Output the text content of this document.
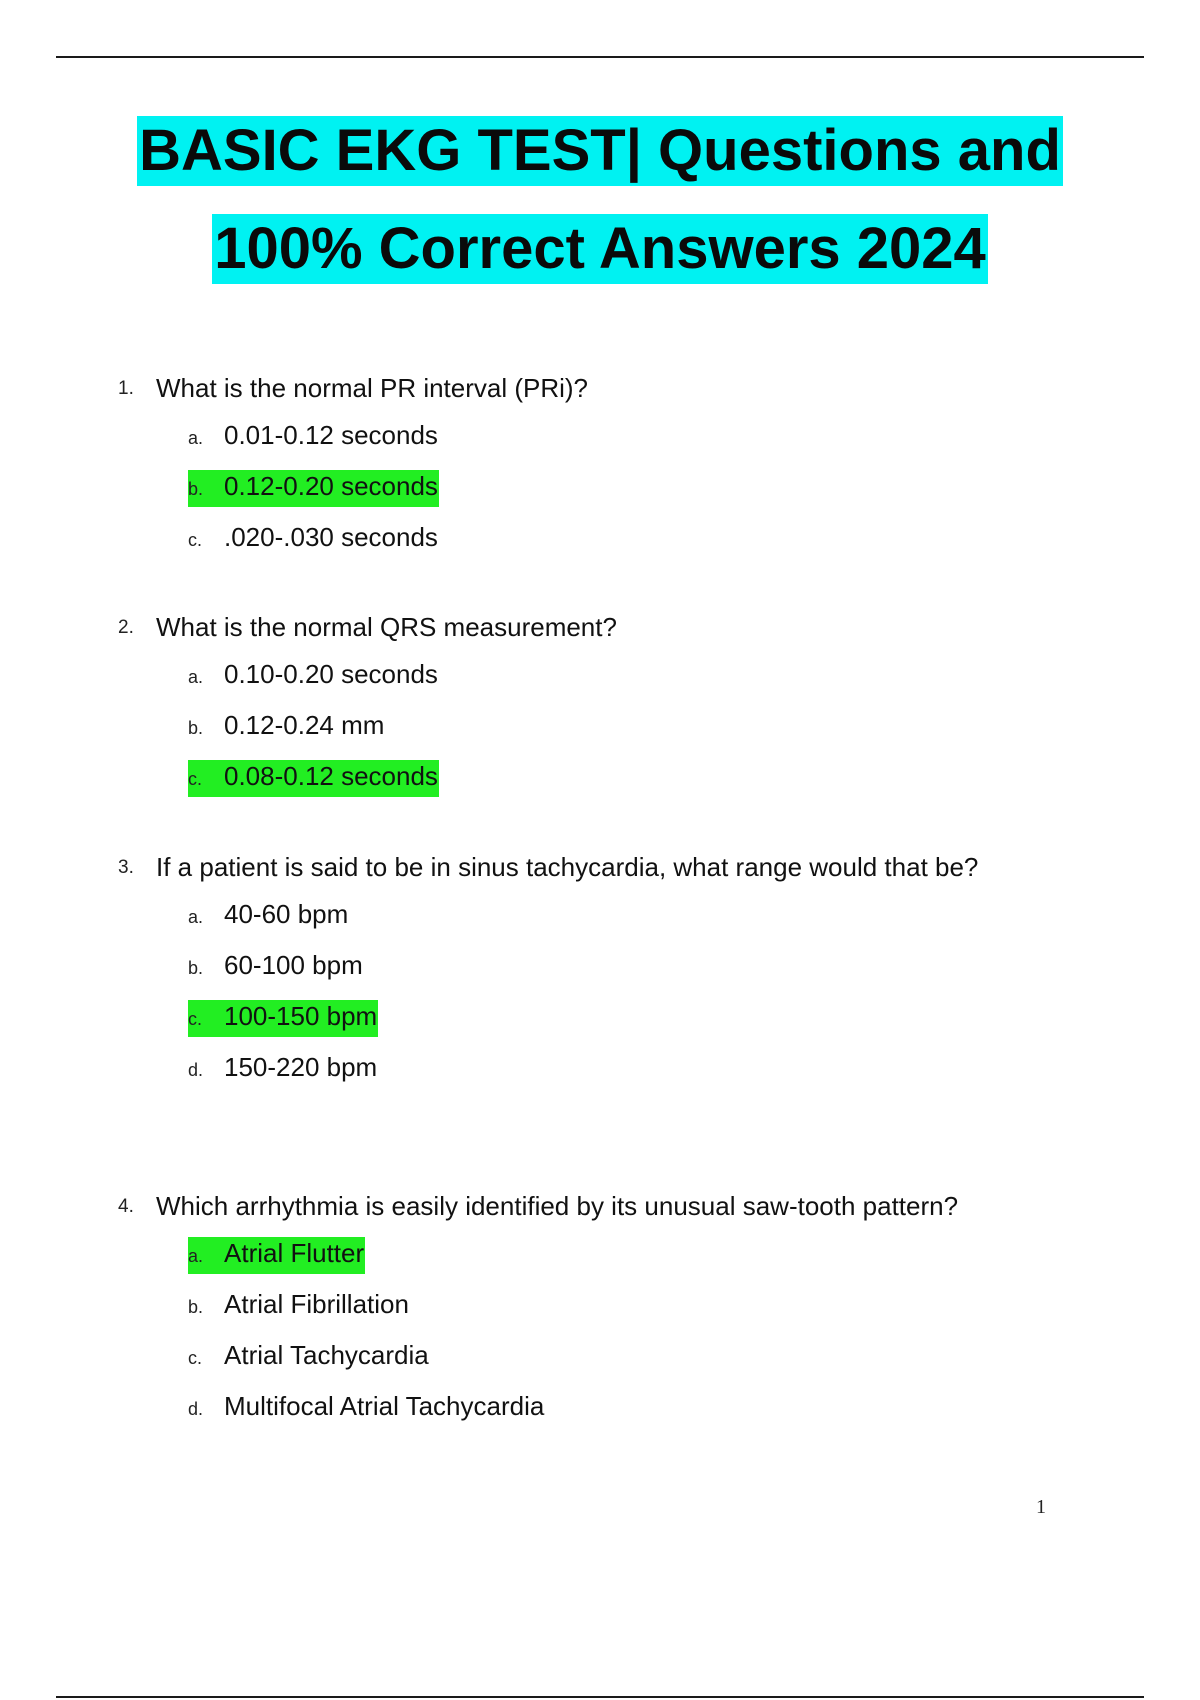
BASIC EKG TEST| Questions and
100% Correct Answers 2024
1. What is the normal PR interval (PRi)?
a. 0.01-0.12 seconds
b. 0.12-0.20 seconds
c. .020-.030 seconds
2. What is the normal QRS measurement?
a. 0.10-0.20 seconds
b. 0.12-0.24 mm
c. 0.08-0.12 seconds
3. If a patient is said to be in sinus tachycardia, what range would that be?
a. 40-60 bpm
b. 60-100 bpm
c. 100-150 bpm
d. 150-220 bpm
4. Which arrhythmia is easily identified by its unusual saw-tooth pattern?
a. Atrial Flutter
b. Atrial Fibrillation
c. Atrial Tachycardia
d. Multifocal Atrial Tachycardia
1
